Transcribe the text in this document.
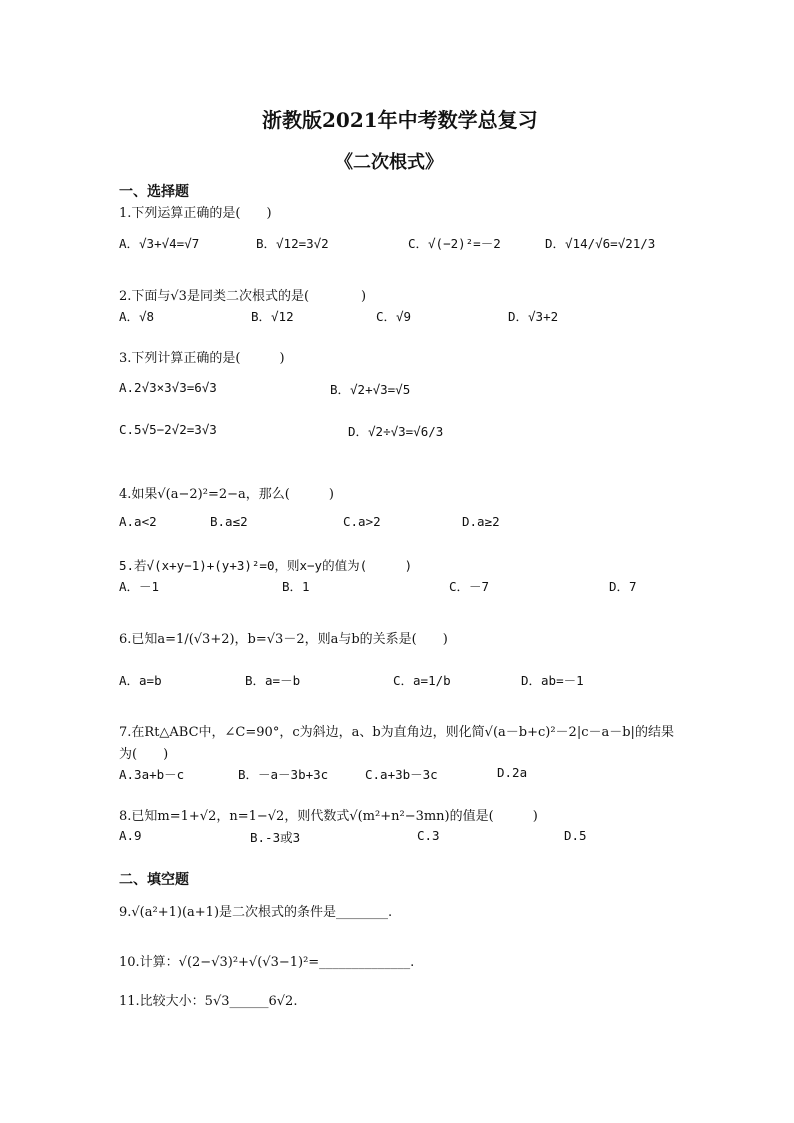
浙教版2021年中考数学总复习
《二次根式》
一、选择题
1.下列运算正确的是(　　)
A．√3+√4=√7	B．√12=3√2	C．√(−2)²=－2	D．√14/√6=√21/3
2.下面与√3是同类二次根式的是(　　　　)
A．√8	B．√12	C．√9	D．√3+2
3.下列计算正确的是(　　　)
A.2√3×3√3=6√3	B．√2+√3=√5
C.5√5−2√2=3√3	D．√2÷√3=√6/3
4.如果√(a−2)²=2−a，那么(　　　)
A.a<2	B.a≤2	C.a>2	D.a≥2
5.若√(x+y−1)+(y+3)²=0，则x−y的值为(　　　)
A．－1	B．1	C．－7	D．7
6.已知a=1/(√3+2)，b=√3－2，则a与b的关系是(　　)
A．a=b	B．a=－b	C．a=1/b	D．ab=－1
7.在Rt△ABC中，∠C=90°，c为斜边，a、b为直角边，则化简√(a－b+c)²－2|c－a－b|的结果
为(　　)
A.3a+b－c	B．－a－3b+3c	C.a+3b－3c	D.2a
8.已知m=1+√2，n=1−√2，则代数式√(m²+n²−3mn)的值是(　　　)
A.9	B.-3或3	C.3	D.5
二、填空题
9.√(a²+1)(a+1)是二次根式的条件是________.
10.计算：√(2−√3)²+√(√3−1)²=______________.
11.比较大小：5√3______6√2.
